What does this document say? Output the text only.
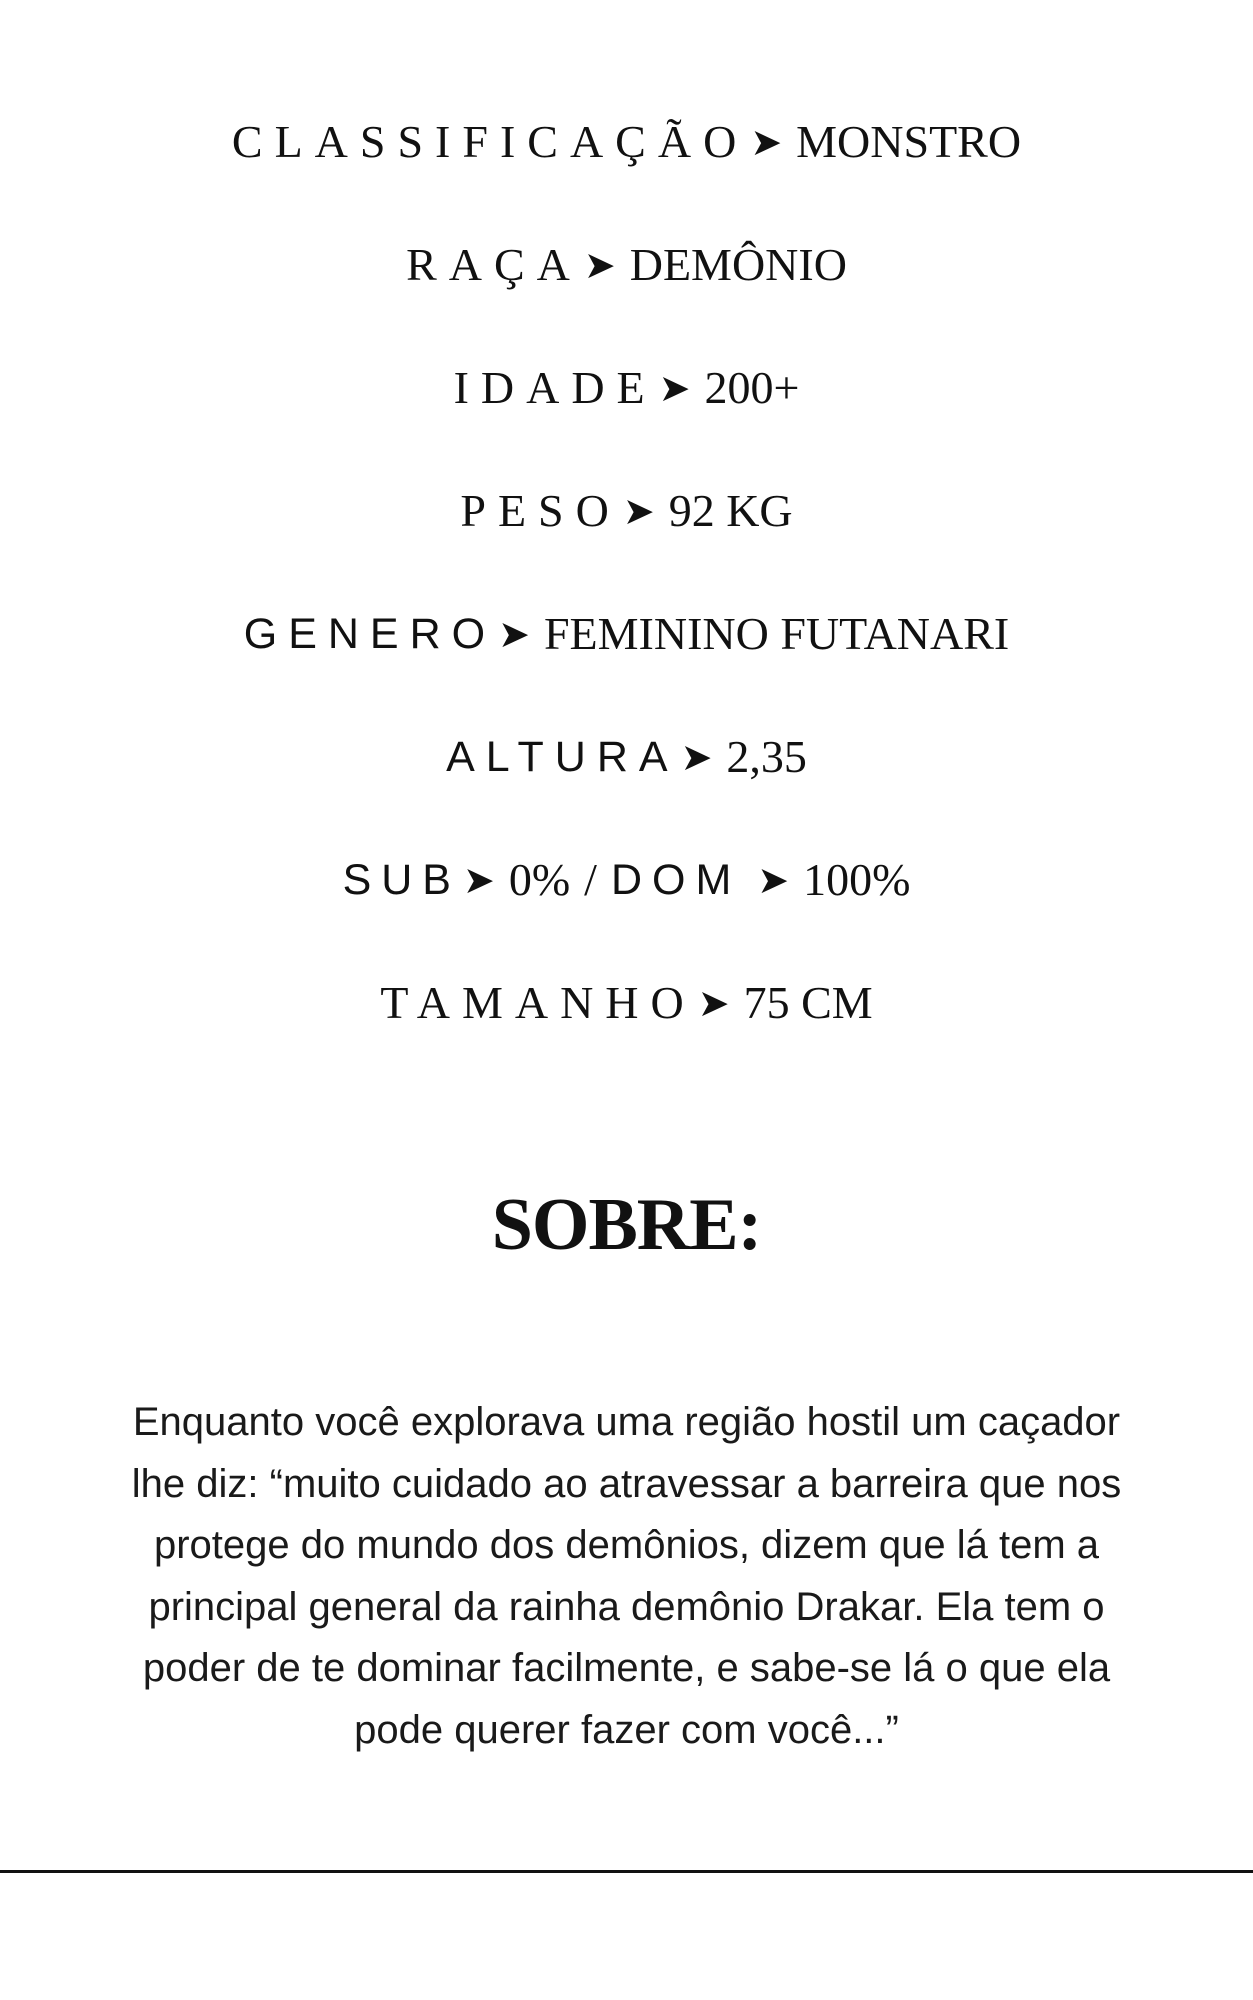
CLASSIFICAÇÃO ➤ MONSTRO
RAÇA ➤ DEMÔNIO
IDADE ➤ 200+
PESO ➤ 92 KG
GENERO ➤ FEMININO FUTANARI
ALTURA ➤ 2,35
SUB ➤ 0% / DOM ➤ 100%
TAMANHO ➤ 75 CM
SOBRE:
Enquanto você explorava uma região hostil um caçador lhe diz: “muito cuidado ao atravessar a barreira que nos protege do mundo dos demônios, dizem que lá tem a principal general da rainha demônio Drakar. Ela tem o poder de te dominar facilmente, e sabe-se lá o que ela pode querer fazer com você...”
